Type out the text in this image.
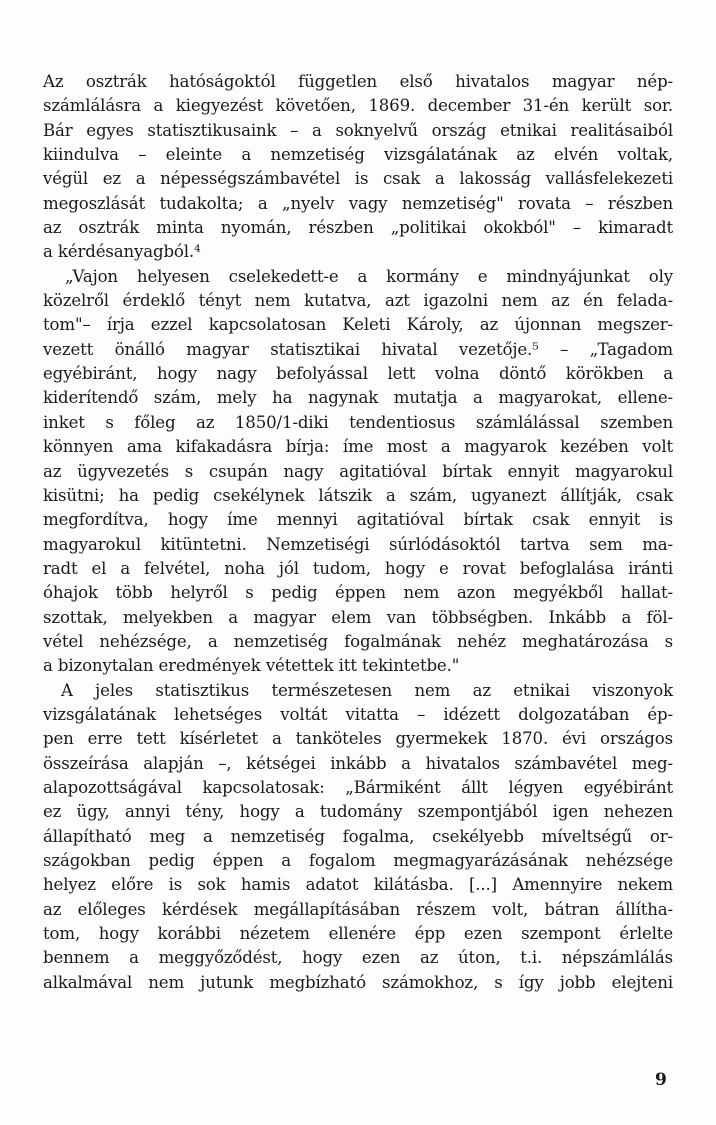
Az osztrák hatóságoktól független első hivatalos magyar nép-
számlálásra a kiegyezést követően, 1869. december 31-én került sor.
Bár egyes statisztikusaink – a soknyelvű ország etnikai realitásaiból
kiindulva – eleinte a nemzetiség vizsgálatának az elvén voltak,
végül ez a népességszámbavétel is csak a lakosság vallásfelekezeti
megoszlását tudakolta; a „nyelv vagy nemzetiség" rovata – részben
az osztrák minta nyomán, részben „politikai okokból" – kimaradt
a kérdésanyagból.⁴
„Vajon helyesen cselekedett-e a kormány e mindnyájunkat oly
közelről érdeklő tényt nem kutatva, azt igazolni nem az én felada-
tom"– írja ezzel kapcsolatosan Keleti Károly, az újonnan megszer-
vezett önálló magyar statisztikai hivatal vezetője.⁵ – „Tagadom
egyébiránt, hogy nagy befolyással lett volna döntő körökben a
kiderítendő szám, mely ha nagynak mutatja a magyarokat, ellene-
inket s főleg az 1850/1-diki tendentiosus számlálással szemben
könnyen ama kifakadásra bírja: íme most a magyarok kezében volt
az ügyvezetés s csupán nagy agitatióval bírtak ennyit magyarokul
kisütni; ha pedig csekélynek látszik a szám, ugyanezt állítják, csak
megfordítva, hogy íme mennyi agitatióval bírtak csak ennyit is
magyarokul kitüntetni. Nemzetiségi súrlódásoktól tartva sem ma-
radt el a felvétel, noha jól tudom, hogy e rovat befoglalása iránti
óhajok több helyről s pedig éppen nem azon megyékből hallat-
szottak, melyekben a magyar elem van többségben. Inkább a föl-
vétel nehézsége, a nemzetiség fogalmának nehéz meghatározása s
a bizonytalan eredmények vétettek itt tekintetbe."
A jeles statisztikus természetesen nem az etnikai viszonyok
vizsgálatának lehetséges voltát vitatta – idézett dolgozatában ép-
pen erre tett kísérletet a tanköteles gyermekek 1870. évi országos
összeírása alapján –, kétségei inkább a hivatalos számbavétel meg-
alapozottságával kapcsolatosak: „Bármiként állt légyen egyébiránt
ez ügy, annyi tény, hogy a tudomány szempontjából igen nehezen
állapítható meg a nemzetiség fogalma, csekélyebb míveltségű or-
szágokban pedig éppen a fogalom megmagyarázásának nehézsége
helyez előre is sok hamis adatot kilátásba. [...] Amennyire nekem
az előleges kérdések megállapításában részem volt, bátran állítha-
tom, hogy korábbi nézetem ellenére épp ezen szempont érlelte
bennem a meggyőződést, hogy ezen az úton, t.i. népszámlálás
alkalmával nem jutunk megbízható számokhoz, s így jobb elejteni
9
